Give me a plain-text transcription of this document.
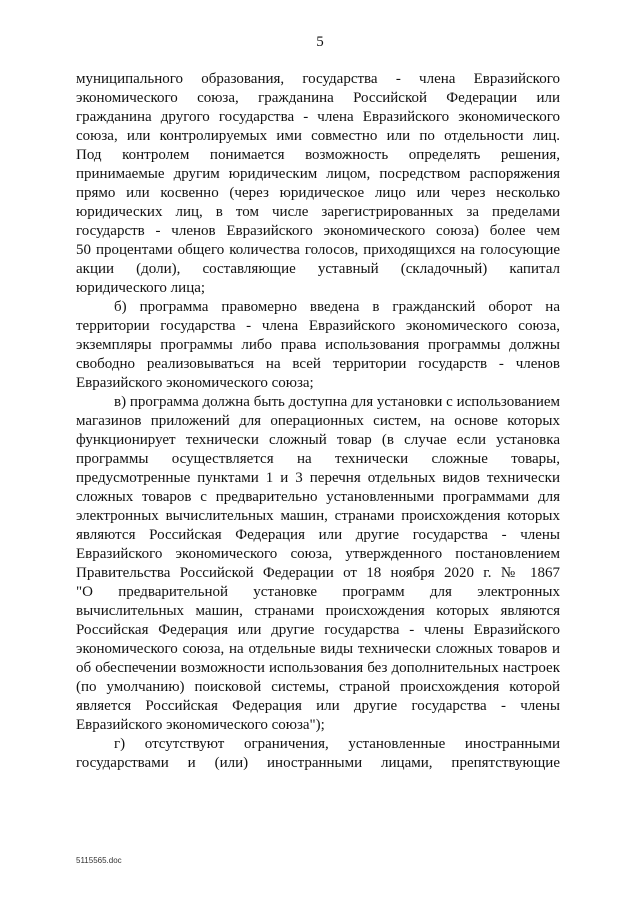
5
муниципального образования, государства - члена Евразийского
экономического союза, гражданина Российской Федерации или
гражданина другого государства - члена Евразийского экономического
союза, или контролируемых ими совместно или по отдельности лиц.
Под контролем понимается возможность определять решения,
принимаемые другим юридическим лицом, посредством распоряжения
прямо или косвенно (через юридическое лицо или через несколько
юридических лиц, в том числе зарегистрированных за пределами
государств - членов Евразийского экономического союза) более чем
50 процентами общего количества голосов, приходящихся на голосующие
акции (доли), составляющие уставный (складочный) капитал
юридического лица;
б) программа правомерно введена в гражданский оборот на
территории государства - члена Евразийского экономического союза,
экземпляры программы либо права использования программы должны
свободно реализовываться на всей территории государств - членов
Евразийского экономического союза;
в) программа должна быть доступна для установки с использованием
магазинов приложений для операционных систем, на основе которых
функционирует технически сложный товар (в случае если установка
программы осуществляется на технически сложные товары,
предусмотренные пунктами 1 и 3 перечня отдельных видов технически
сложных товаров с предварительно установленными программами для
электронных вычислительных машин, странами происхождения которых
являются Российская Федерация или другие государства - члены
Евразийского экономического союза, утвержденного постановлением
Правительства Российской Федерации от 18 ноября 2020 г. № 1867
"О предварительной установке программ для электронных
вычислительных машин, странами происхождения которых являются
Российская Федерация или другие государства - члены Евразийского
экономического союза, на отдельные виды технически сложных товаров и
об обеспечении возможности использования без дополнительных настроек
(по умолчанию) поисковой системы, страной происхождения которой
является Российская Федерация или другие государства - члены
Евразийского экономического союза");
г) отсутствуют ограничения, установленные иностранными
государствами и (или) иностранными лицами, препятствующие
5115565.doc
